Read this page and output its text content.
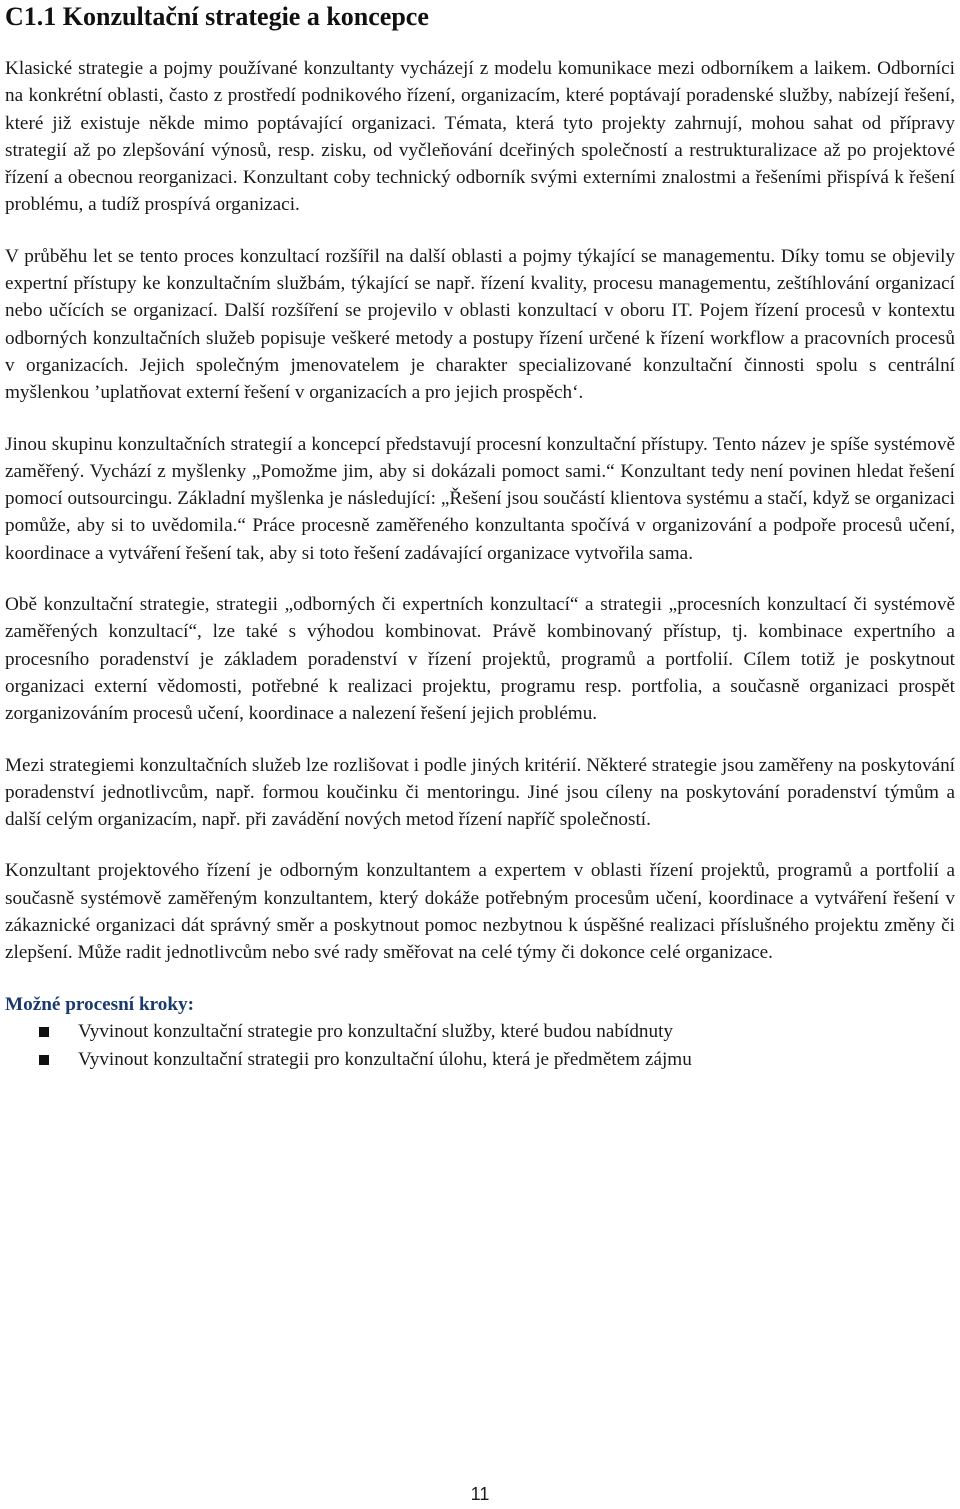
C1.1 Konzultační strategie a koncepce

Klasické strategie a pojmy používané konzultanty vycházejí z modelu komunikace mezi odborníkem a laikem. Odborníci na konkrétní oblasti, často z prostředí podnikového řízení, organizacím, které poptávají poradenské služby, nabízejí řešení, které již existuje někde mimo poptávající organizaci. Témata, která tyto projekty zahrnují, mohou sahat od přípravy strategií až po zlepšování výnosů, resp. zisku, od vyčleňování dceřiných společností a restrukturalizace až po projektové řízení a obecnou reorganizaci. Konzultant coby technický odborník svými externími znalostmi a řešeními přispívá k řešení problému, a tudíž prospívá organizaci.

V průběhu let se tento proces konzultací rozšířil na další oblasti a pojmy týkající se managementu. Díky tomu se objevily expertní přístupy ke konzultačním službám, týkající se např. řízení kvality, procesu managementu, zeštíhlování organizací nebo učících se organizací. Další rozšíření se projevilo v oblasti konzultací v oboru IT. Pojem řízení procesů v kontextu odborných konzultačních služeb popisuje veškeré metody a postupy řízení určené k řízení workflow a pracovních procesů v organizacích. Jejich společným jmenovatelem je charakter specializované konzultační činnosti spolu s centrální myšlenkou ’uplatňovat externí řešení v organizacích a pro jejich prospěch‘.

Jinou skupinu konzultačních strategií a koncepcí představují procesní konzultační přístupy. Tento název je spíše systémově zaměřený. Vychází z myšlenky „Pomožme jim, aby si dokázali pomoct sami.“ Konzultant tedy není povinen hledat řešení pomocí outsourcingu. Základní myšlenka je následující: „Řešení jsou součástí klientova systému a stačí, když se organizaci pomůže, aby si to uvědomila.“ Práce procesně zaměřeného konzultanta spočívá v organizování a podpoře procesů učení, koordinace a vytváření řešení tak, aby si toto řešení zadávající organizace vytvořila sama.

Obě konzultační strategie, strategii „odborných či expertních konzultací“ a strategii „procesních konzultací či systémově zaměřených konzultací“, lze také s výhodou kombinovat. Právě kombinovaný přístup, tj. kombinace expertního a procesního poradenství je základem poradenství v řízení projektů, programů a portfolií. Cílem totiž je poskytnout organizaci externí vědomosti, potřebné k realizaci projektu, programu resp. portfolia, a současně organizaci prospět zorganizováním procesů učení, koordinace a nalezení řešení jejich problému.

Mezi strategiemi konzultačních služeb lze rozlišovat i podle jiných kritérií. Některé strategie jsou zaměřeny na poskytování poradenství jednotlivcům, např. formou koučinku či mentoringu. Jiné jsou cíleny na poskytování poradenství týmům a další celým organizacím, např. při zavádění nových metod řízení napříč společností.

Konzultant projektového řízení je odborným konzultantem a expertem v oblasti řízení projektů, programů a portfolií a současně systémově zaměřeným konzultantem, který dokáže potřebným procesům učení, koordinace a vytváření řešení v zákaznické organizaci dát správný směr a poskytnout pomoc nezbytnou k úspěšné realizaci příslušného projektu změny či zlepšení. Může radit jednotlivcům nebo své rady směřovat na celé týmy či dokonce celé organizace.

Možné procesní kroky:

Vyvinout konzultační strategie pro konzultační služby, které budou nabídnuty
Vyvinout konzultační strategii pro konzultační úlohu, která je předmětem zájmu
11
